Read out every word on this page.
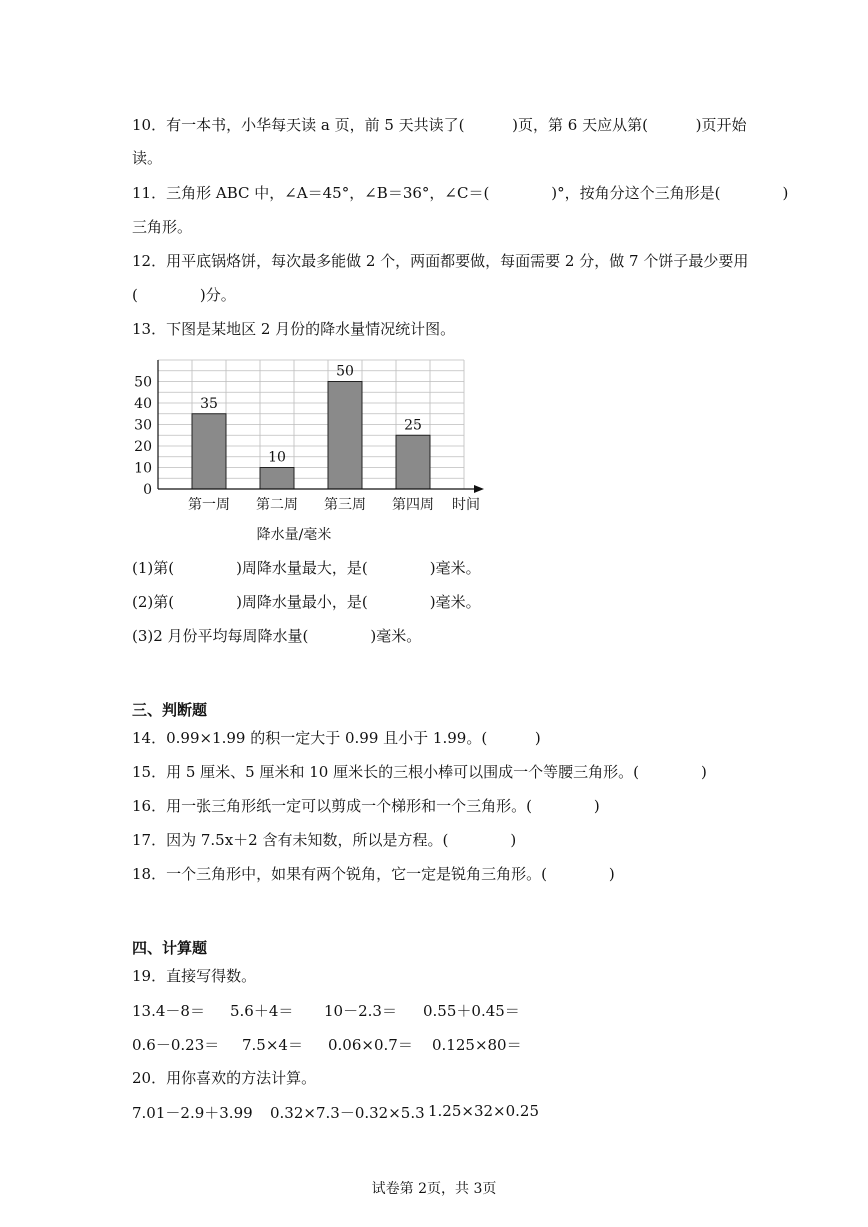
10．有一本书，小华每天读 a 页，前 5 天共读了(          )页，第 6 天应从第(          )页开始
读。
11．三角形 ABC 中，∠A＝45°，∠B＝36°，∠C＝(             )°，按角分这个三角形是(             )
三角形。
12．用平底锅烙饼，每次最多能做 2 个，两面都要做，每面需要 2 分，做 7 个饼子最少要用
(             )分。
13．下图是某地区 2 月份的降水量情况统计图。
35
10
50
25
0
10
20
30
40
50
第一周 第二周 第三周 第四周 时间
降水量/毫米
(1)第(             )周降水量最大，是(             )毫米。
(2)第(             )周降水量最小，是(             )毫米。
(3)2 月份平均每周降水量(             )毫米。
三、判断题
14．0.99×1.99 的积一定大于 0.99 且小于 1.99。(          )
15．用 5 厘米、5 厘米和 10 厘米长的三根小棒可以围成一个等腰三角形。(             )
16．用一张三角形纸一定可以剪成一个梯形和一个三角形。(             )
17．因为 7.5x＋2 含有未知数，所以是方程。(             )
18．一个三角形中，如果有两个锐角，它一定是锐角三角形。(             )
四、计算题
19．直接写得数。
13.4－8＝ 5.6＋4＝ 10－2.3＝ 0.55＋0.45＝
0.6－0.23＝ 7.5×4＝ 0.06×0.7＝ 0.125×80＝
20．用你喜欢的方法计算。
7.01－2.9＋3.99 0.32×7.3－0.32×5.3 1.25×32×0.25
试卷第 2页，共 3页
